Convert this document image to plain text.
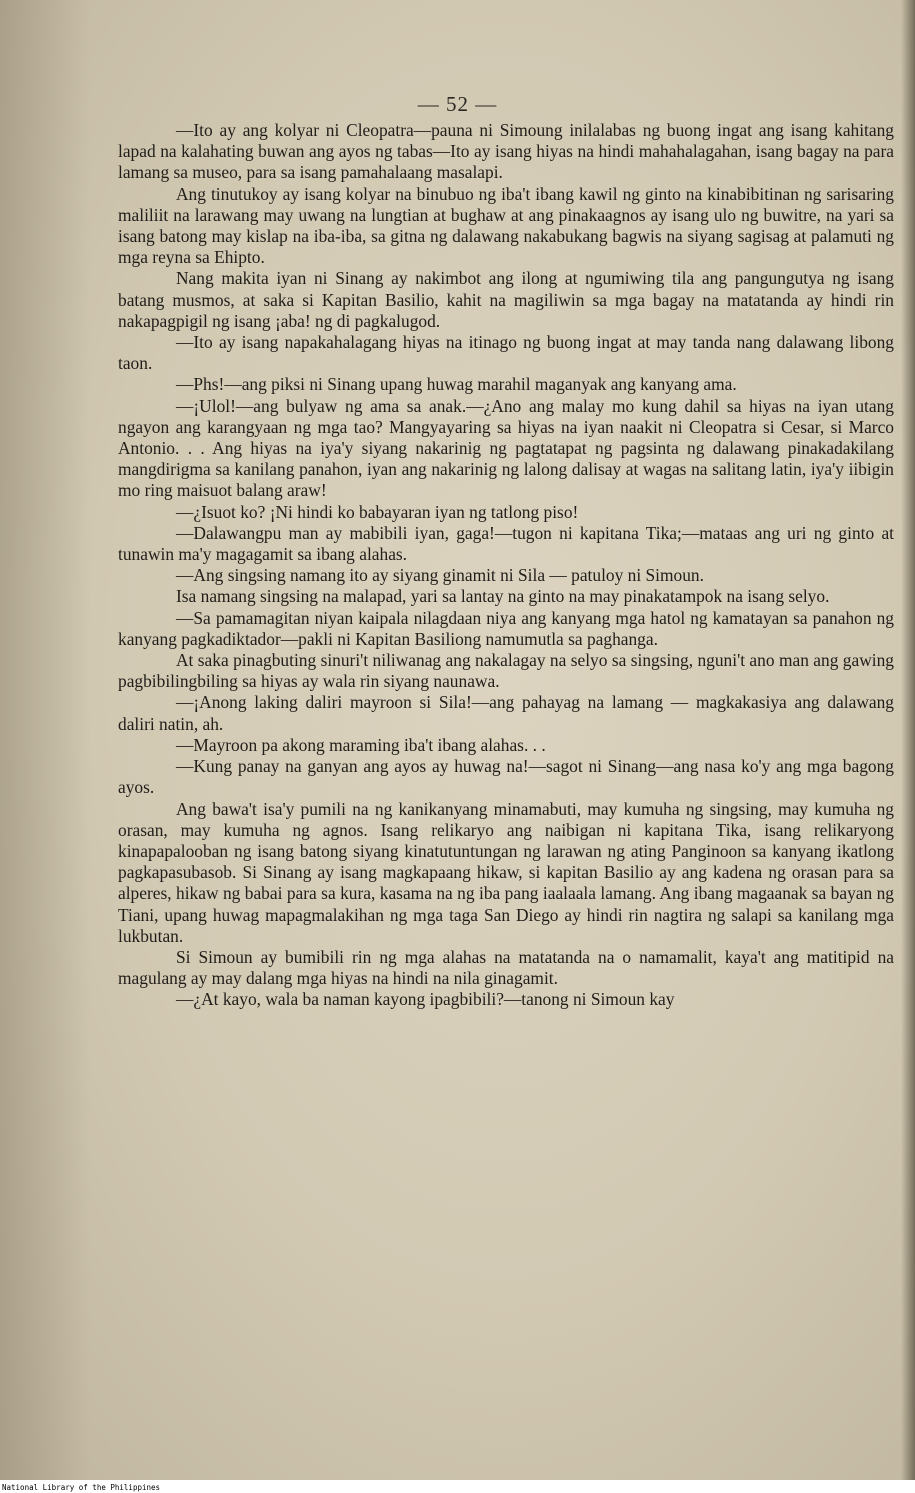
— 52 —

—Ito ay ang kolyar ni Cleopatra—pauna ni Simoung inilalabas ng buong ingat ang isang kahitang lapad na kalahating buwan ang ayos ng tabas—Ito ay isang hiyas na hindi mahahalagahan, isang bagay na para lamang sa museo, para sa isang pamahalaang masalapi.

Ang tinutukoy ay isang kolyar na binubuo ng iba't ibang kawil ng ginto na kinabibitinan ng sarisaring maliliit na larawang may uwang na lungtian at bughaw at ang pinakaagnos ay isang ulo ng buwitre, na yari sa isang batong may kislap na iba-iba, sa gitna ng dalawang nakabukang bagwis na siyang sagisag at palamuti ng mga reyna sa Ehipto.

Nang makita iyan ni Sinang ay nakimbot ang ilong at ngumiwing tila ang pangungutya ng isang batang musmos, at saka si Kapitan Basilio, kahit na magiliwin sa mga bagay na matatanda ay hindi rin nakapagpigil ng isang ¡aba! ng di pagkalugod.

—Ito ay isang napakahalagang hiyas na itinago ng buong ingat at may tanda nang dalawang libong taon.

—Phs!—ang piksi ni Sinang upang huwag marahil maganyak ang kanyang ama.

—¡Ulol!—ang bulyaw ng ama sa anak.—¿Ano ang malay mo kung dahil sa hiyas na iyan utang ngayon ang karangyaan ng mga tao? Mangyayaring sa hiyas na iyan naakit ni Cleopatra si Cesar, si Marco Antonio. . . Ang hiyas na iya'y siyang nakarinig ng pagtatapat ng pagsinta ng dalawang pinakadakilang mangdirigma sa kanilang panahon, iyan ang nakarinig ng lalong dalisay at wagas na salitang latin, iya'y iibigin mo ring maisuot balang araw!

—¿Isuot ko? ¡Ni hindi ko babayaran iyan ng tatlong piso!

—Dalawangpu man ay mabibili iyan, gaga!—tugon ni kapitana Tika;—mataas ang uri ng ginto at tunawin ma'y magagamit sa ibang alahas.

—Ang singsing namang ito ay siyang ginamit ni Sila — patuloy ni Simoun.

Isa namang singsing na malapad, yari sa lantay na ginto na may pinakatampok na isang selyo.

—Sa pamamagitan niyan kaipala nilagdaan niya ang kanyang mga hatol ng kamatayan sa panahon ng kanyang pagkadiktador—pakli ni Kapitan Basiliong namumutla sa paghanga.

At saka pinagbuting sinuri't niliwanag ang nakalagay na selyo sa singsing, nguni't ano man ang gawing pagbibilingbiling sa hiyas ay wala rin siyang naunawa.

—¡Anong laking daliri mayroon si Sila!—ang pahayag na lamang — magkakasiya ang dalawang daliri natin, ah.

—Mayroon pa akong maraming iba't ibang alahas. . .

—Kung panay na ganyan ang ayos ay huwag na!—sagot ni Sinang—ang nasa ko'y ang mga bagong ayos.

Ang bawa't isa'y pumili na ng kanikanyang minamabuti, may kumuha ng singsing, may kumuha ng orasan, may kumuha ng agnos. Isang relikaryo ang naibigan ni kapitana Tika, isang relikaryong kinapapalooban ng isang batong siyang kinatutuntungan ng larawan ng ating Panginoon sa kanyang ikatlong pagkapasubasob. Si Sinang ay isang magkapaang hikaw, si kapitan Basilio ay ang kadena ng orasan para sa alperes, hikaw ng babai para sa kura, kasama na ng iba pang iaalaala lamang. Ang ibang magaanak sa bayan ng Tiani, upang huwag mapagmalakihan ng mga taga San Diego ay hindi rin nagtira ng salapi sa kanilang mga lukbutan.

Si Simoun ay bumibili rin ng mga alahas na matatanda na o namamalit, kaya't ang matitipid na magulang ay may dalang mga hiyas na hindi na nila ginagamit.

—¿At kayo, wala ba naman kayong ipagbibili?—tanong ni Simoun kay

National Library of the Philippines
